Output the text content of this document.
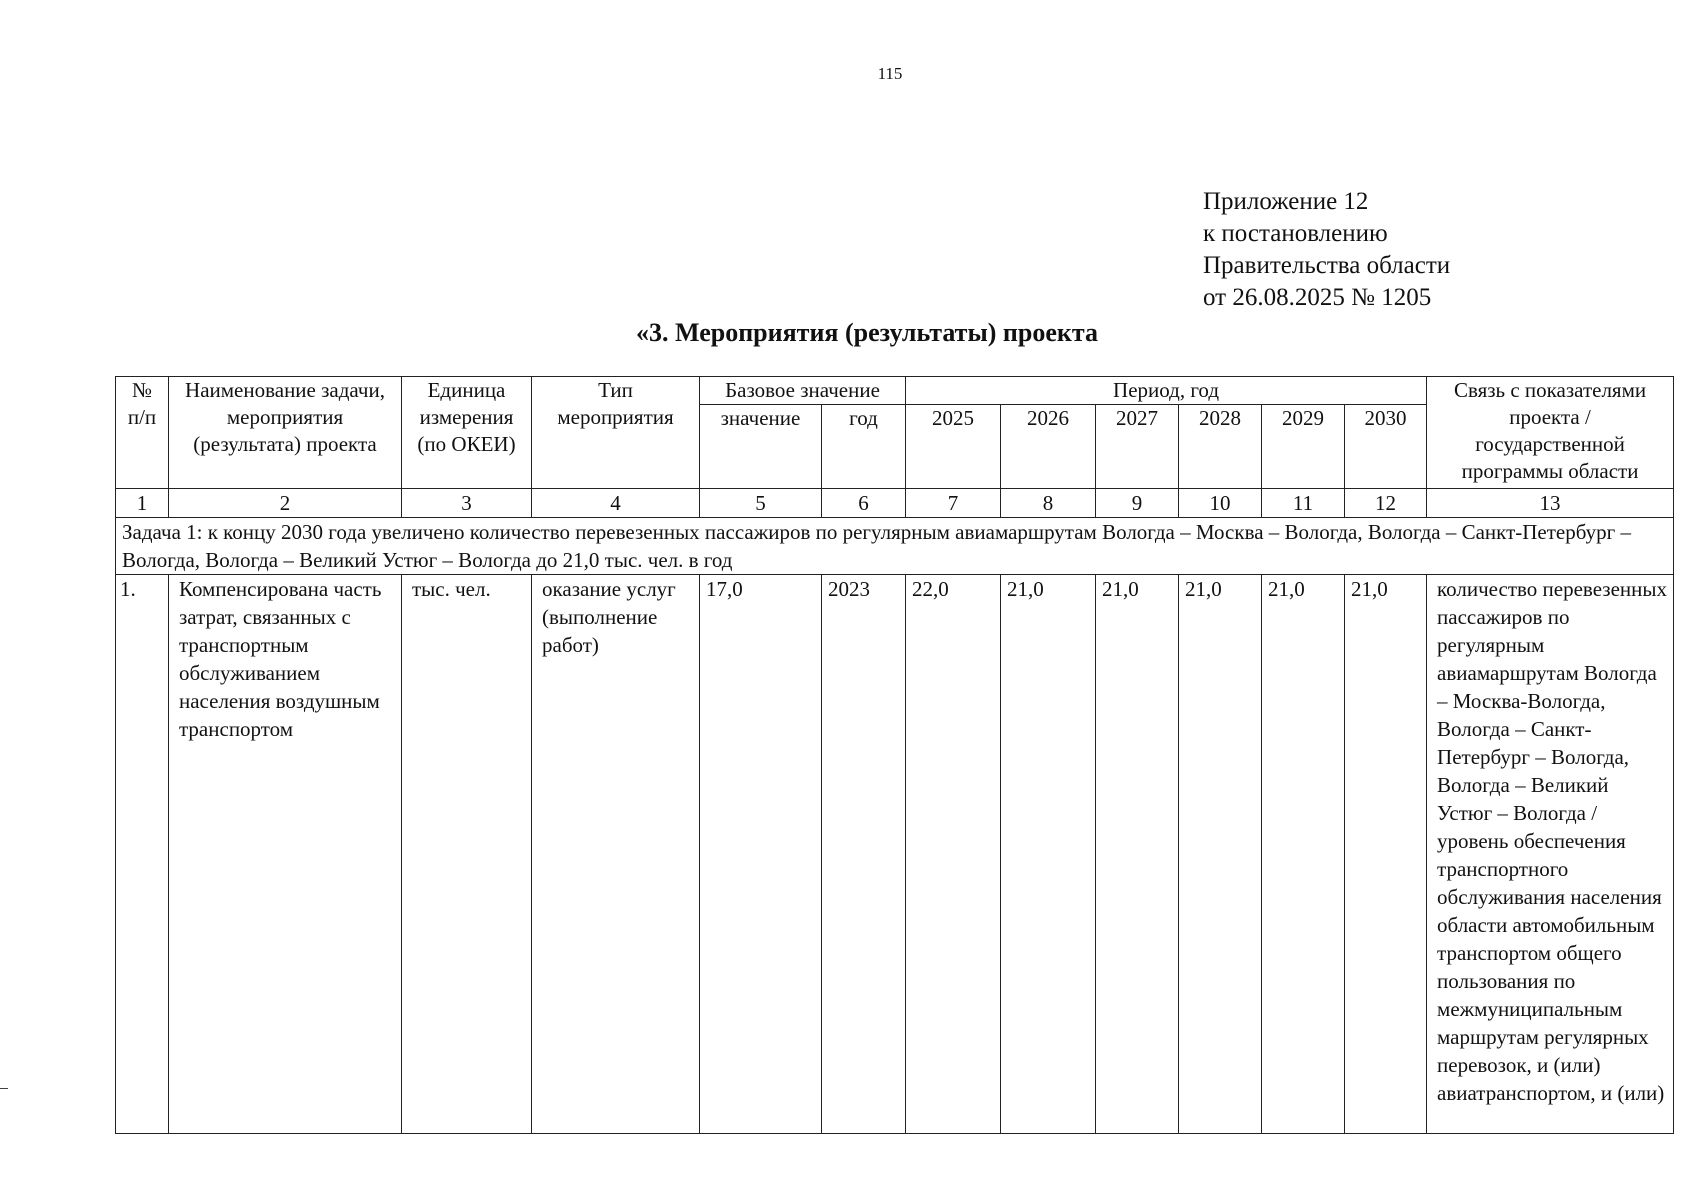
115
Приложение 12
к постановлению
Правительства области
от 26.08.2025 № 1205
«3. Мероприятия (результаты) проекта
№ п/п	Наименование задачи, мероприятия (результата) проекта	Единица измерения (по ОКЕИ)	Тип мероприятия	Базовое значение		Период, год						Связь с показателями проекта / государственной программы области
				значение	год	2025	2026	2027	2028	2029	2030	
1	2	3	4	5	6	7	8	9	10	11	12	13
Задача 1: к концу 2030 года увеличено количество перевезенных пассажиров по регулярным авиамаршрутам Вологда – Москва – Вологда, Вологда – Санкт-Петербург – Вологда, Вологда – Великий Устюг – Вологда до 21,0 тыс. чел. в год												
1.	Компенсирована часть затрат, связанных с транспортным обслуживанием населения воздушным транспортом	тыс. чел.	оказание услуг (выполнение работ)	17,0	2023	22,0	21,0	21,0	21,0	21,0	21,0	количество перевезенных пассажиров по регулярным авиамаршрутам Вологда – Москва-Вологда, Вологда – Санкт-Петербург – Вологда, Вологда – Великий Устюг – Вологда / уровень обеспечения транспортного обслуживания населения области автомобильным транспортом общего пользования по межмуниципальным маршрутам регулярных перевозок, и (или) авиатранспортом, и (или)
